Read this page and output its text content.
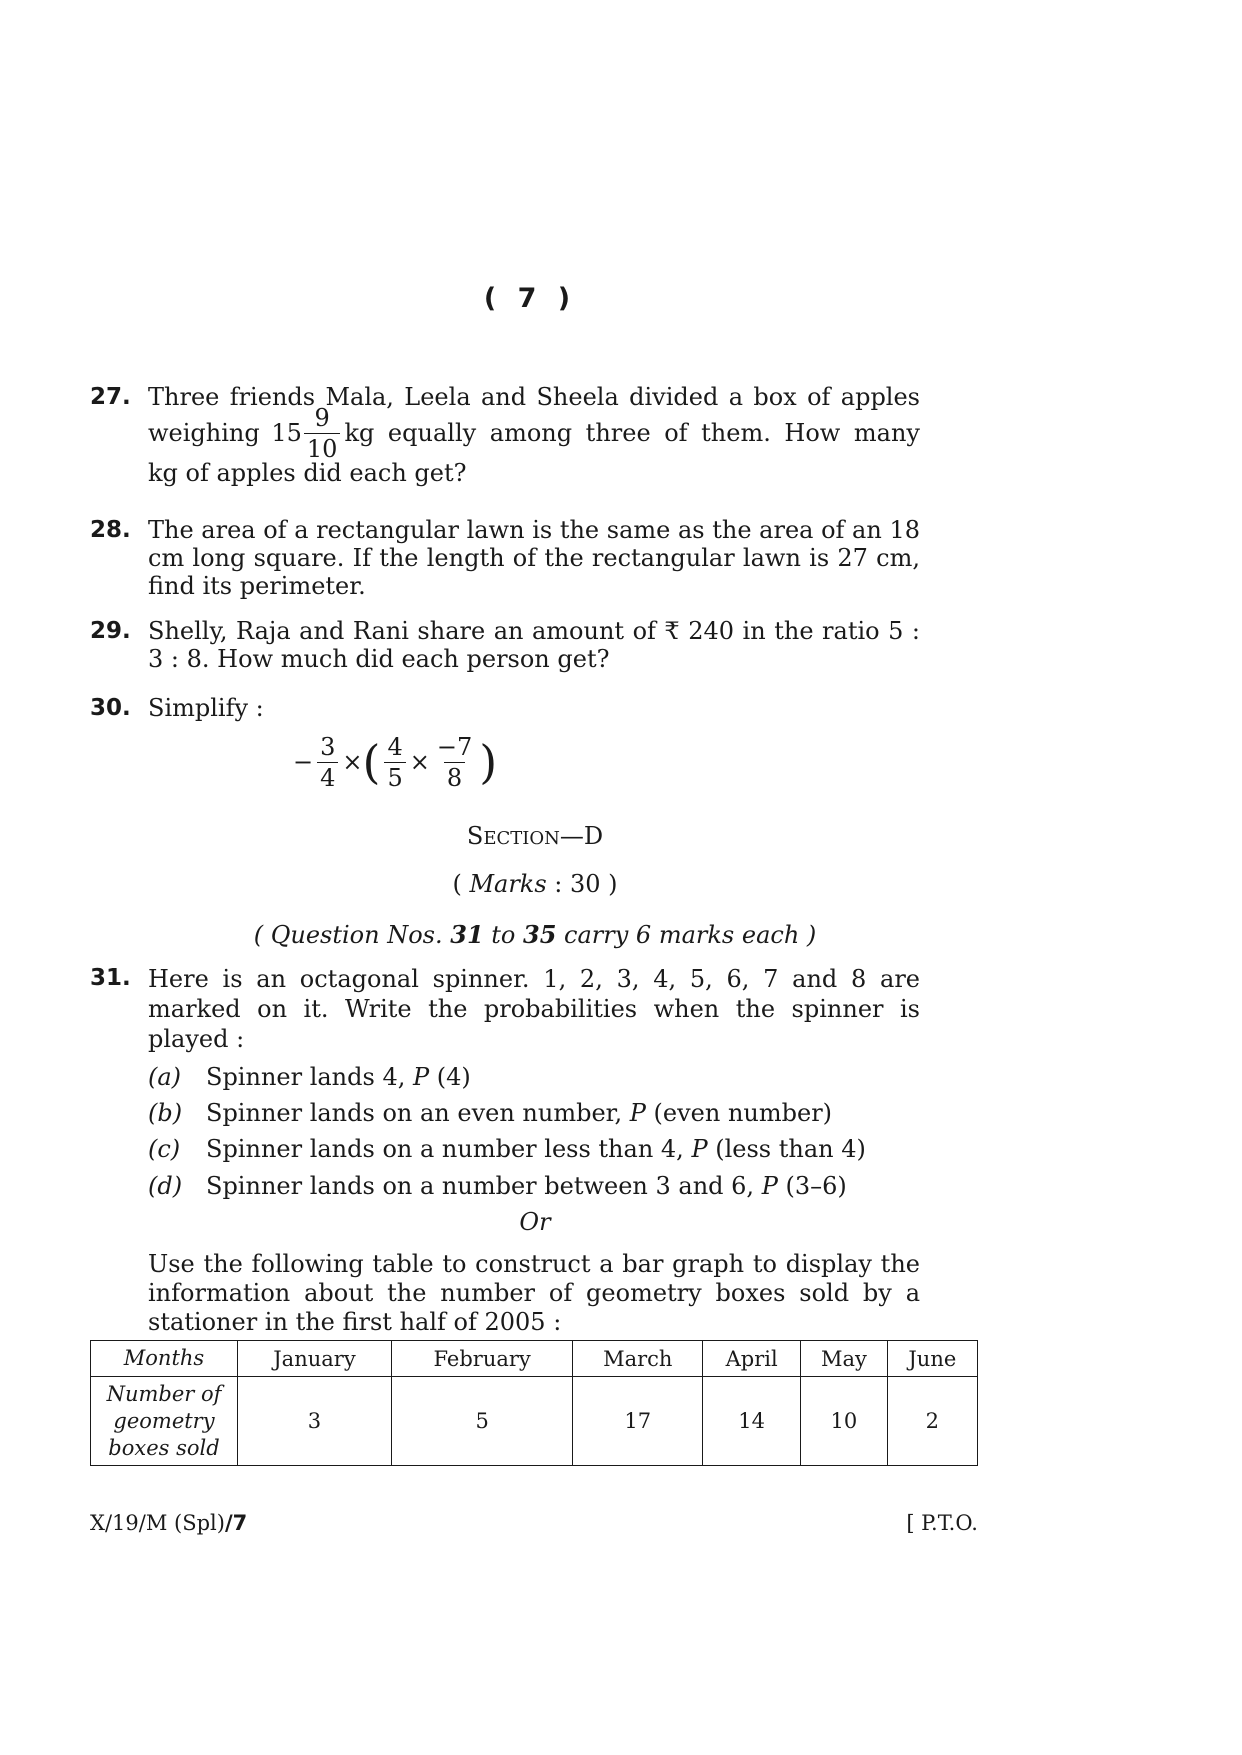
( 7 )
27. Three friends Mala, Leela and Sheela divided a box of apples
weighing $15 \frac{9}{10}$ kg equally among three of them. How many
kg of apples did each get?
28. The area of a rectangular lawn is the same as the area of an 18 cm long square. If the length of the rectangular lawn is 27 cm, find its perimeter.
29. Shelly, Raja and Rani share an amount of ₹ 240 in the ratio 5 : 3 : 8. How much did each person get?
30. Simplify :
− $\frac{3}{4}$ × ( $\frac{4}{5} \times \frac{-7}{8}$ )
SECTION—D
( Marks : 30 )
( Question Nos. 31 to 35 carry 6 marks each )
31. Here is an octagonal spinner. 1, 2, 3, 4, 5, 6, 7 and 8 are marked on it. Write the probabilities when the spinner is played :
(a) Spinner lands 4, P (4)
(b) Spinner lands on an even number, P (even number)
(c) Spinner lands on a number less than 4, P (less than 4)
(d) Spinner lands on a number between 3 and 6, P (3–6)
Or
Use the following table to construct a bar graph to display the information about the number of geometry boxes sold by a stationer in the first half of 2005 :
Months	January	February	March	April	May	June

Number of
geometry
boxes sold	3	5	17	14	10	2
X/19/M (Spl)/7	[ P.T.O.
